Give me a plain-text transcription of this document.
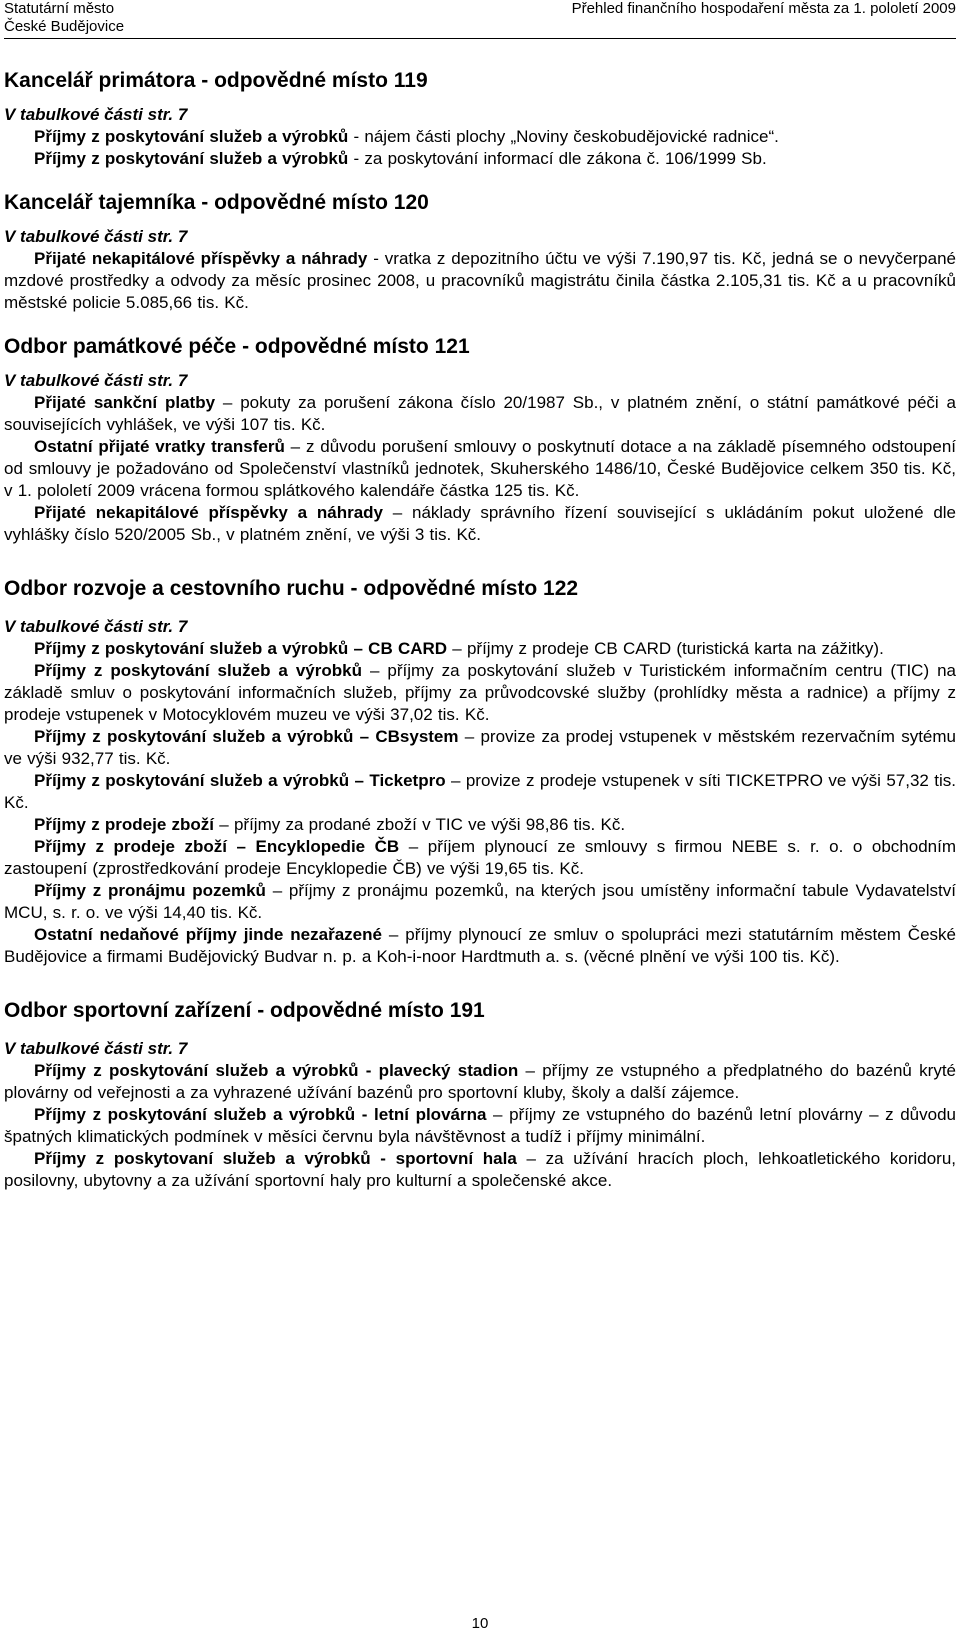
Statutární město
České Budějovice
Přehled finančního hospodaření města za 1. pololetí 2009
Kancelář primátora - odpovědné místo 119
V tabulkové části str. 7

Příjmy z poskytování služeb a výrobků - nájem části plochy „Noviny českobudějovické radnice“.

Příjmy z poskytování služeb a výrobků - za poskytování informací dle zákona č. 106/1999 Sb.

Kancelář tajemníka - odpovědné místo 120
V tabulkové části str. 7

Přijaté nekapitálové příspěvky a náhrady - vratka z depozitního účtu ve výši 7.190,97 tis. Kč, jedná se o nevyčerpané mzdové prostředky a odvody za měsíc prosinec 2008, u pracovníků magistrátu činila částka 2.105,31 tis. Kč a u pracovníků městské policie 5.085,66 tis. Kč.

Odbor památkové péče - odpovědné místo 121
V tabulkové části str. 7

Přijaté sankční platby – pokuty za porušení zákona číslo 20/1987 Sb., v platném znění, o státní památkové péči a souvisejících vyhlášek, ve výši 107 tis. Kč.

Ostatní přijaté vratky transferů – z důvodu porušení smlouvy o poskytnutí dotace a na základě písemného odstoupení od smlouvy je požadováno od Společenství vlastníků jednotek, Skuherského 1486/10, České Budějovice celkem 350 tis. Kč, v 1. pololetí 2009 vrácena formou splátkového kalendáře částka 125 tis. Kč.

Přijaté nekapitálové příspěvky a náhrady – náklady správního řízení související s ukládáním pokut uložené dle vyhlášky číslo 520/2005 Sb., v platném znění, ve výši 3 tis. Kč.

Odbor rozvoje a cestovního ruchu - odpovědné místo 122
V tabulkové části str. 7

Příjmy z poskytování služeb a výrobků – CB CARD – příjmy z prodeje CB CARD (turistická karta na zážitky).

Příjmy z poskytování služeb a výrobků – příjmy za poskytování služeb v Turistickém informačním centru (TIC) na základě smluv o poskytování informačních služeb, příjmy za průvodcovské služby (prohlídky města a radnice) a příjmy z prodeje vstupenek v Motocyklovém muzeu ve výši 37,02 tis. Kč.

Příjmy z poskytování služeb a výrobků – CBsystem – provize za prodej vstupenek v městském rezervačním sytému ve výši 932,77 tis. Kč.

Příjmy z poskytování služeb a výrobků – Ticketpro – provize z prodeje vstupenek v síti TICKETPRO ve výši 57,32 tis. Kč.

Příjmy z prodeje zboží – příjmy za prodané zboží v TIC ve výši 98,86 tis. Kč.

Příjmy z prodeje zboží – Encyklopedie ČB – příjem plynoucí ze smlouvy s firmou NEBE s. r. o. o obchodním zastoupení (zprostředkování prodeje Encyklopedie ČB) ve výši 19,65 tis. Kč.

Příjmy z pronájmu pozemků – příjmy z pronájmu pozemků, na kterých jsou umístěny informační tabule Vydavatelství MCU, s. r. o. ve výši 14,40 tis. Kč.

Ostatní nedaňové příjmy jinde nezařazené – příjmy plynoucí ze smluv o spolupráci mezi statutárním městem České Budějovice a firmami Budějovický Budvar n. p. a Koh-i-noor Hardtmuth a. s. (věcné plnění ve výši 100 tis. Kč).

Odbor sportovní zařízení - odpovědné místo 191
V tabulkové části str. 7

Příjmy z poskytování služeb a výrobků - plavecký stadion – příjmy ze vstupného a předplatného do bazénů kryté plovárny od veřejnosti a za vyhrazené užívání bazénů pro sportovní kluby, školy a další zájemce.

Příjmy z poskytování služeb a výrobků - letní plovárna – příjmy ze vstupného do bazénů letní plovárny – z důvodu špatných klimatických podmínek v měsíci červnu byla návštěvnost a tudíž i příjmy minimální.

Příjmy z poskytovaní služeb a výrobků - sportovní hala – za užívání hracích ploch, lehkoatletického koridoru, posilovny, ubytovny a za užívání sportovní haly pro kulturní a společenské akce.

10
